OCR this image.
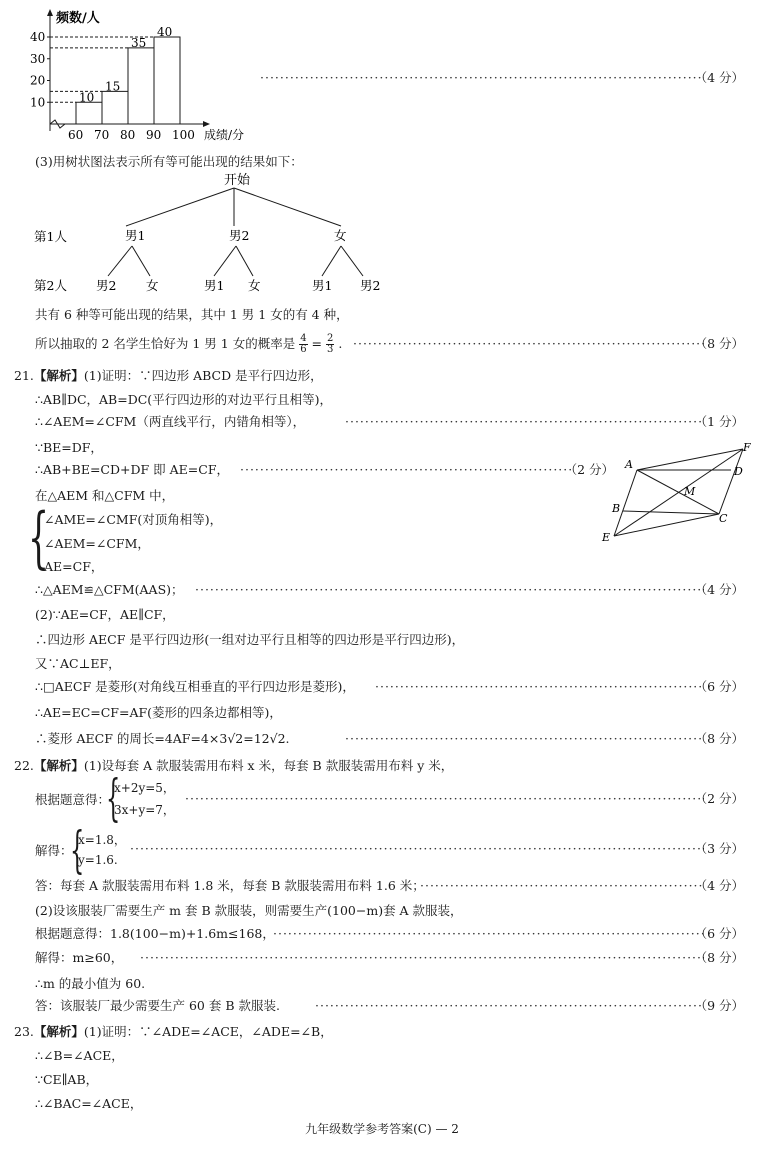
10
20
30
40
10
15
35
40
60 70 80 90 100
频数/人
成绩/分
·····
（4 分）
(3)用树状图法表示所有等可能出现的结果如下：
开始
第1人	男1	男2	女
第2人 男2 女	男1 女	男1 男2
共有 6 种等可能出现的结果，其中 1 男 1 女的有 4 种，
所以抽取的 2 名学生恰好为 1 男 1 女的概率是 $\frac{4}{6} = \frac{2}{3}$ . ·····	（8 分）
21.【解析】(1)证明：∵四边形 ABCD 是平行四边形，
∴AB∥DC，AB=DC(平行四边形的对边平行且相等)，
∴∠AEM=∠CFM（两直线平行，内错角相等）， ·····	（1 分）
∵BE=DF，
∴AB+BE=CD+DF 即 AE=CF， ·····	（2 分）
在△AEM 和△CFM 中，
{
∠AME=∠CMF(对顶角相等)，
∠AEM=∠CFM，
AE=CF，
∴△AEM≌△CFM(AAS)； ·····	（4 分）
A
F
D
M
B
C
E
(2)∵AE=CF，AE∥CF，
∴四边形 AECF 是平行四边形(一组对边平行且相等的四边形是平行四边形)，
又∵AC⊥EF，
∴□AECF 是菱形(对角线互相垂直的平行四边形是菱形)， ·····	（6 分）
∴AE=EC=CF=AF(菱形的四条边都相等)，
∴菱形 AECF 的周长=4AF=4×3√2=12√2. ·····	（8 分）
22.【解析】(1)设每套 A 款服装需用布料 x 米，每套 B 款服装需用布料 y 米，
根据题意得：
{
x+2y=5，
3x+y=7，
·····
（2 分）
解得：
{
x=1.8，
y=1.6.
·····
（3 分）
答：每套 A 款服装需用布料 1.8 米，每套 B 款服装需用布料 1.6 米； ·····	（4 分）
(2)设该服装厂需要生产 m 套 B 款服装，则需要生产(100−m)套 A 款服装，
根据题意得：1.8(100−m)+1.6m≤168， ·····	（6 分）
解得：m≥60， ·····	（8 分）
∴m 的最小值为 60.
答：该服装厂最少需要生产 60 套 B 款服装. ·····	（9 分）
23.【解析】(1)证明：∵∠ADE=∠ACE，∠ADE=∠B，
∴∠B=∠ACE，
∵CE∥AB，
∴∠BAC=∠ACE，
九年级数学参考答案(C) — 2
